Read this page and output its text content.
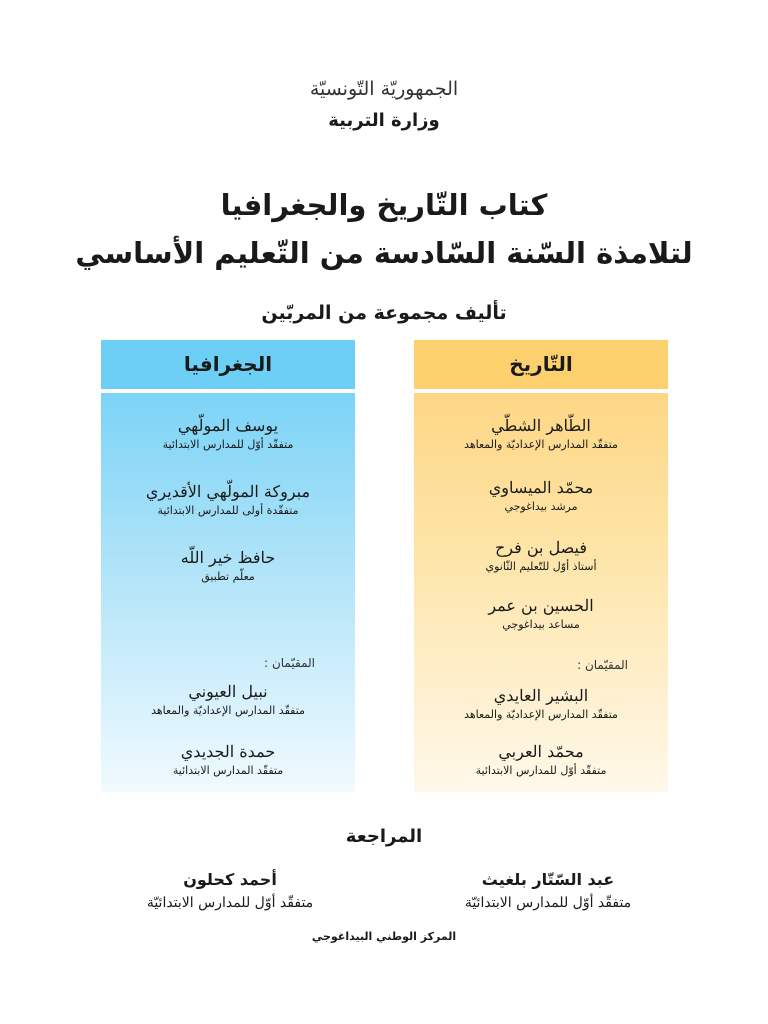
الجمهوريّة التّونسيّة
وزارة التربية
كتاب التّاريخ والجغرافيا
لتلامذة السّنة السّادسة من التّعليم الأساسي
تأليف مجموعة من المربّين
التّاريخ
الطّاهر الشطّي
متفقّد المدارس الإعداديّة والمعاهد
محمّد الميساوي
مرشد بيداغوجي
فيصل بن فرح
أستاذ أوّل للتّعليم الثّانوي
الحسين بن عمر
مساعد بيداغوجي
المقيّمان :
البشير العايدي
متفقّد المدارس الإعداديّة والمعاهد
محمّد العربي
متفقّد أوّل للمدارس الابتدائية
الجغرافيا
يوسف المولّهي
متفقّد أوّل للمدارس الابتدائية
مبروكة المولّهي الأقديري
متفقّدة أولى للمدارس الابتدائية
حافظ خير اللّه
معلّم تطبيق
المقيّمان :
نبيل العيوني
متفقّد المدارس الإعداديّة والمعاهد
حمدة الجديدي
متفقّد المدارس الابتدائية
المراجعة
عبد السّتّار بلغيث
متفقّد أوّل للمدارس الابتدائيّة
أحمد كحلون
متفقّد أوّل للمدارس الابتدائيّة
المركز الوطني البيداغوجي
